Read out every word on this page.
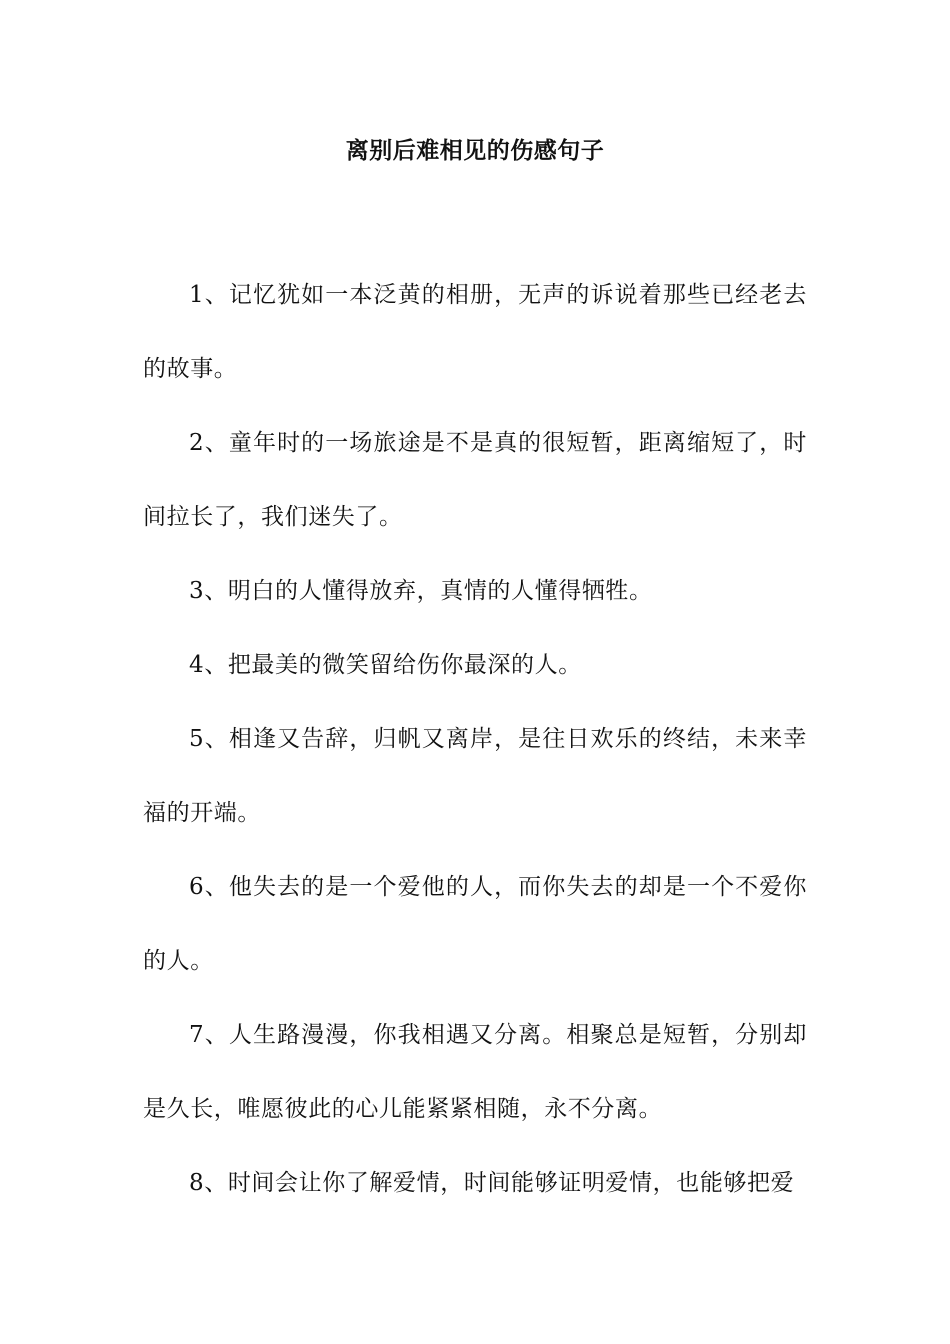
离别后难相见的伤感句子

1、记忆犹如一本泛黄的相册，无声的诉说着那些已经老去的故事。

2、童年时的一场旅途是不是真的很短暂，距离缩短了，时间拉长了，我们迷失了。

3、明白的人懂得放弃，真情的人懂得牺牲。

4、把最美的微笑留给伤你最深的人。

5、相逢又告辞，归帆又离岸，是往日欢乐的终结，未来幸福的开端。

6、他失去的是一个爱他的人，而你失去的却是一个不爱你的人。

7、人生路漫漫，你我相遇又分离。相聚总是短暂，分别却是久长，唯愿彼此的心儿能紧紧相随，永不分离。

8、时间会让你了解爱情，时间能够证明爱情，也能够把爱
